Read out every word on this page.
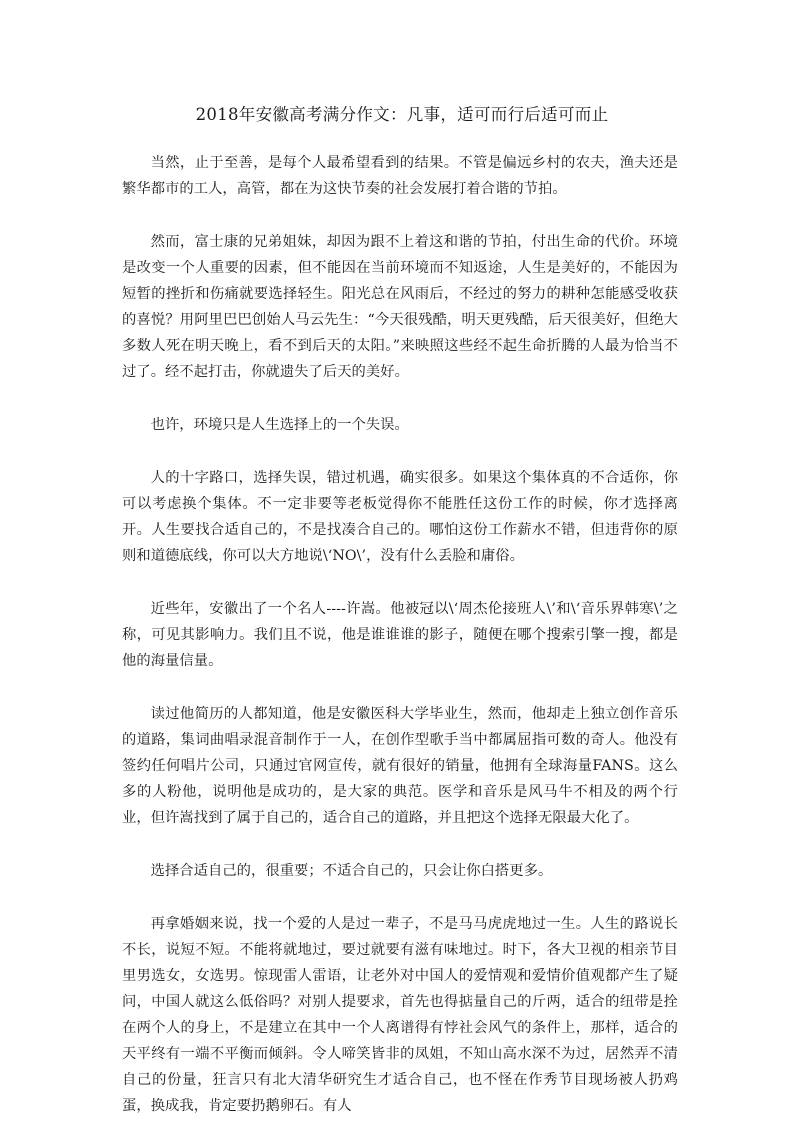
2018年安徽高考满分作文：凡事，适可而行后适可而止

当然，止于至善，是每个人最希望看到的结果。不管是偏远乡村的农夫，渔夫还是繁华都市的工人，高管，都在为这快节奏的社会发展打着合谐的节拍。

然而，富士康的兄弟姐妹，却因为跟不上着这和谐的节拍，付出生命的代价。环境是改变一个人重要的因素，但不能因在当前环境而不知返途，人生是美好的，不能因为短暂的挫折和伤痛就要选择轻生。阳光总在风雨后，不经过的努力的耕种怎能感受收获的喜悦？用阿里巴巴创始人马云先生：“今天很残酷，明天更残酷，后天很美好，但绝大多数人死在明天晚上，看不到后天的太阳。”来映照这些经不起生命折腾的人最为恰当不过了。经不起打击，你就遗失了后天的美好。

也许，环境只是人生选择上的一个失误。

人的十字路口，选择失误，错过机遇，确实很多。如果这个集体真的不合适你，你可以考虑换个集体。不一定非要等老板觉得你不能胜任这份工作的时候，你才选择离开。人生要找合适自己的，不是找凑合自己的。哪怕这份工作薪水不错，但违背你的原则和道德底线，你可以大方地说\‘NO\’，没有什么丢脸和庸俗。

近些年，安徽出了一个名人----许嵩。他被冠以\‘周杰伦接班人\’和\‘音乐界韩寒\’之称，可见其影响力。我们且不说，他是谁谁谁的影子，随便在哪个搜索引擎一搜，都是他的海量信量。

读过他简历的人都知道，他是安徽医科大学毕业生，然而，他却走上独立创作音乐的道路，集词曲唱录混音制作于一人，在创作型歌手当中都属屈指可数的奇人。他没有签约任何唱片公司，只通过官网宣传，就有很好的销量，他拥有全球海量FANS。这么多的人粉他，说明他是成功的，是大家的典范。医学和音乐是风马牛不相及的两个行业，但许嵩找到了属于自己的，适合自己的道路，并且把这个选择无限最大化了。

选择合适自己的，很重要；不适合自己的，只会让你白搭更多。

再拿婚姻来说，找一个爱的人是过一辈子，不是马马虎虎地过一生。人生的路说长不长，说短不短。不能将就地过，要过就要有滋有味地过。时下，各大卫视的相亲节目里男选女，女选男。惊现雷人雷语，让老外对中国人的爱情观和爱情价值观都产生了疑问，中国人就这么低俗吗？对别人提要求，首先也得掂量自己的斤两，适合的纽带是拴在两个人的身上，不是建立在其中一个人离谱得有悖社会风气的条件上，那样，适合的天平终有一端不平衡而倾斜。令人啼笑皆非的凤姐，不知山高水深不为过，居然弄不清自己的份量，狂言只有北大清华研究生才适合自己，也不怪在作秀节目现场被人扔鸡蛋，换成我，肯定要扔鹅卵石。有人
